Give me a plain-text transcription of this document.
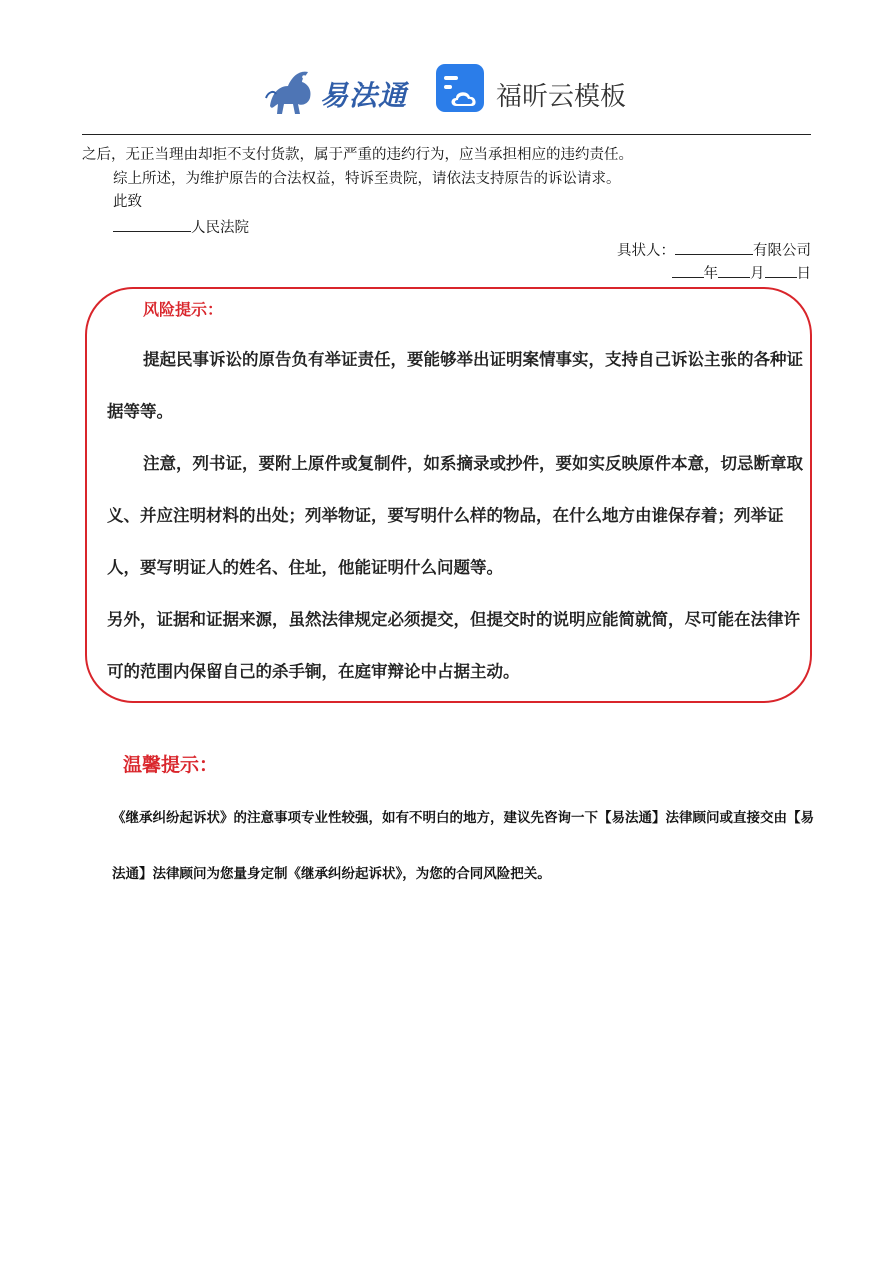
易法通	福昕云模板
之后，无正当理由却拒不支付货款，属于严重的违约行为，应当承担相应的违约责任。
综上所述，为维护原告的合法权益，特诉至贵院，请依法支持原告的诉讼请求。
此致
人民法院
具状人：	有限公司
年 月 日
风险提示：
提起民事诉讼的原告负有举证责任，要能够举出证明案情事实，支持自己诉讼主张的各种证据等等。
注意，列书证，要附上原件或复制件，如系摘录或抄件，要如实反映原件本意，切忌断章取义、并应注明材料的出处；列举物证，要写明什么样的物品，在什么地方由谁保存着；列举证人，要写明证人的姓名、住址，他能证明什么问题等。
另外，证据和证据来源，虽然法律规定必须提交，但提交时的说明应能简就简，尽可能在法律许可的范围内保留自己的杀手锏，在庭审辩论中占据主动。
温馨提示：
《继承纠纷起诉状》的注意事项专业性较强，如有不明白的地方，建议先咨询一下【易法通】法律顾问或直接交由【易法通】法律顾问为您量身定制《继承纠纷起诉状》，为您的合同风险把关。
